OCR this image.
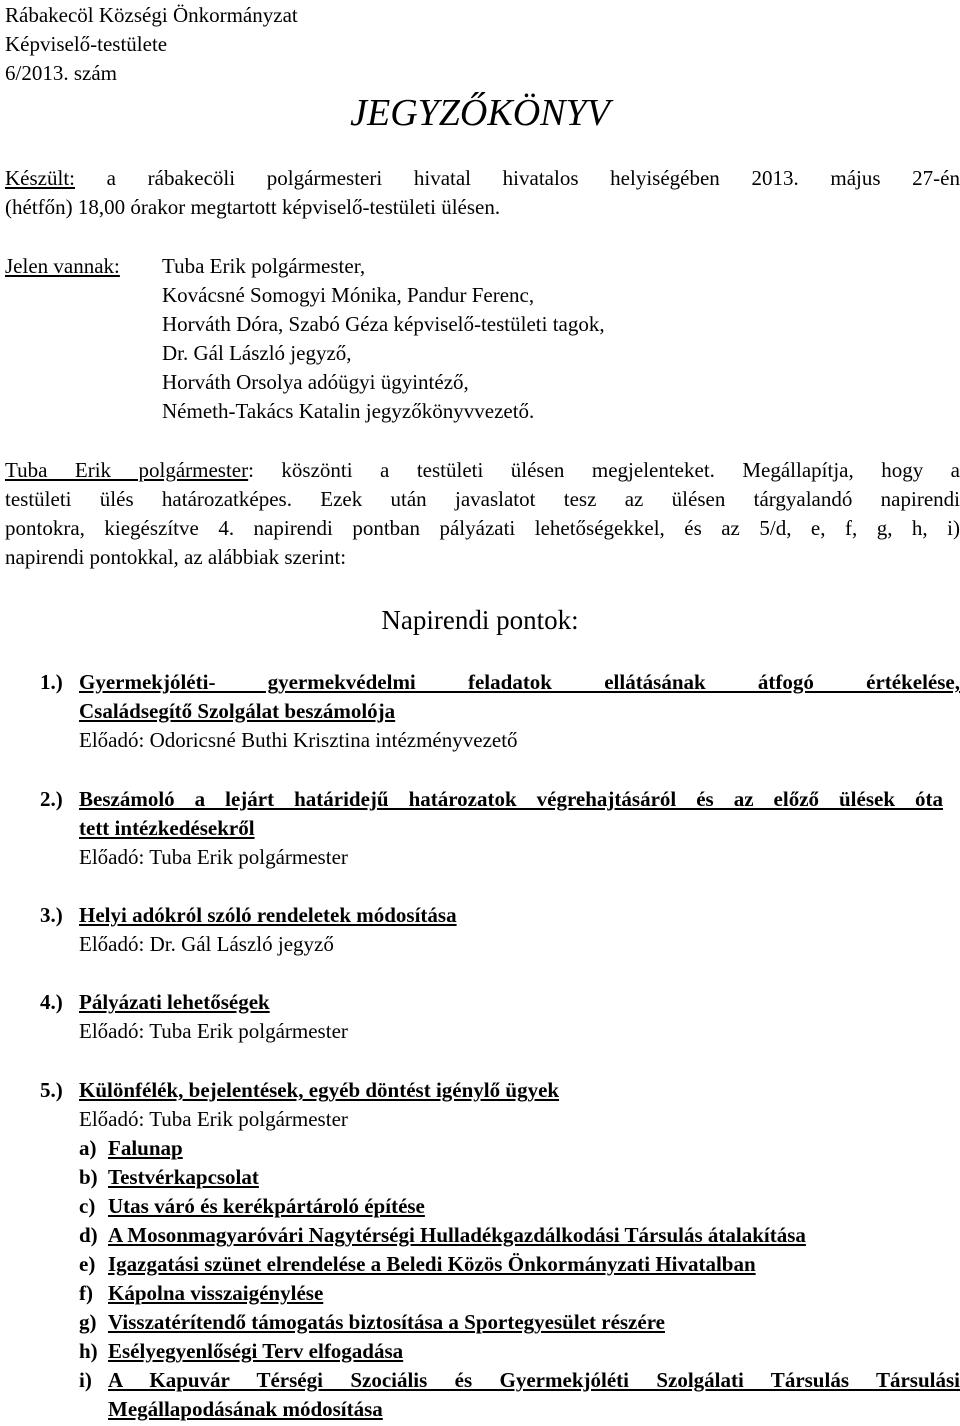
Rábakecöl Községi Önkormányzat
Képviselő-testülete
6/2013. szám
JEGYZŐKÖNYV
Készült: a rábakecöli polgármesteri hivatal hivatalos helyiségében 2013. május 27-én
(hétfőn) 18,00 órakor megtartott képviselő-testületi ülésen.
Jelen vannak: Tuba Erik polgármester,
Kovácsné Somogyi Mónika, Pandur Ferenc,
Horváth Dóra, Szabó Géza képviselő-testületi tagok,
Dr. Gál László jegyző,
Horváth Orsolya adóügyi ügyintéző,
Németh-Takács Katalin jegyzőkönyvvezető.
Tuba Erik polgármester: köszönti a testületi ülésen megjelenteket. Megállapítja, hogy a
testületi ülés határozatképes. Ezek után javaslatot tesz az ülésen tárgyalandó napirendi
pontokra, kiegészítve 4. napirendi pontban pályázati lehetőségekkel, és az 5/d, e, f, g, h, i)
napirendi pontokkal, az alábbiak szerint:
Napirendi pontok:
1.) Gyermekjóléti- gyermekvédelmi feladatok ellátásának átfogó értékelése,
Családsegítő Szolgálat beszámolója
Előadó: Odoricsné Buthi Krisztina intézményvezető
2.) Beszámoló a lejárt határidejű határozatok végrehajtásáról és az előző ülések óta
tett intézkedésekről
Előadó: Tuba Erik polgármester
3.) Helyi adókról szóló rendeletek módosítása
Előadó: Dr. Gál László jegyző
4.) Pályázati lehetőségek
Előadó: Tuba Erik polgármester
5.) Különfélék, bejelentések, egyéb döntést igénylő ügyek
Előadó: Tuba Erik polgármester
a) Falunap
b) Testvérkapcsolat
c) Utas váró és kerékpártároló építése
d) A Mosonmagyaróvári Nagytérségi Hulladékgazdálkodási Társulás átalakítása
e) Igazgatási szünet elrendelése a Beledi Közös Önkormányzati Hivatalban
f) Kápolna visszaigénylése
g) Visszatérítendő támogatás biztosítása a Sportegyesület részére
h) Esélyegyenlőségi Terv elfogadása
i) A Kapuvár Térségi Szociális és Gyermekjóléti Szolgálati Társulás Társulási
Megállapodásának módosítása
